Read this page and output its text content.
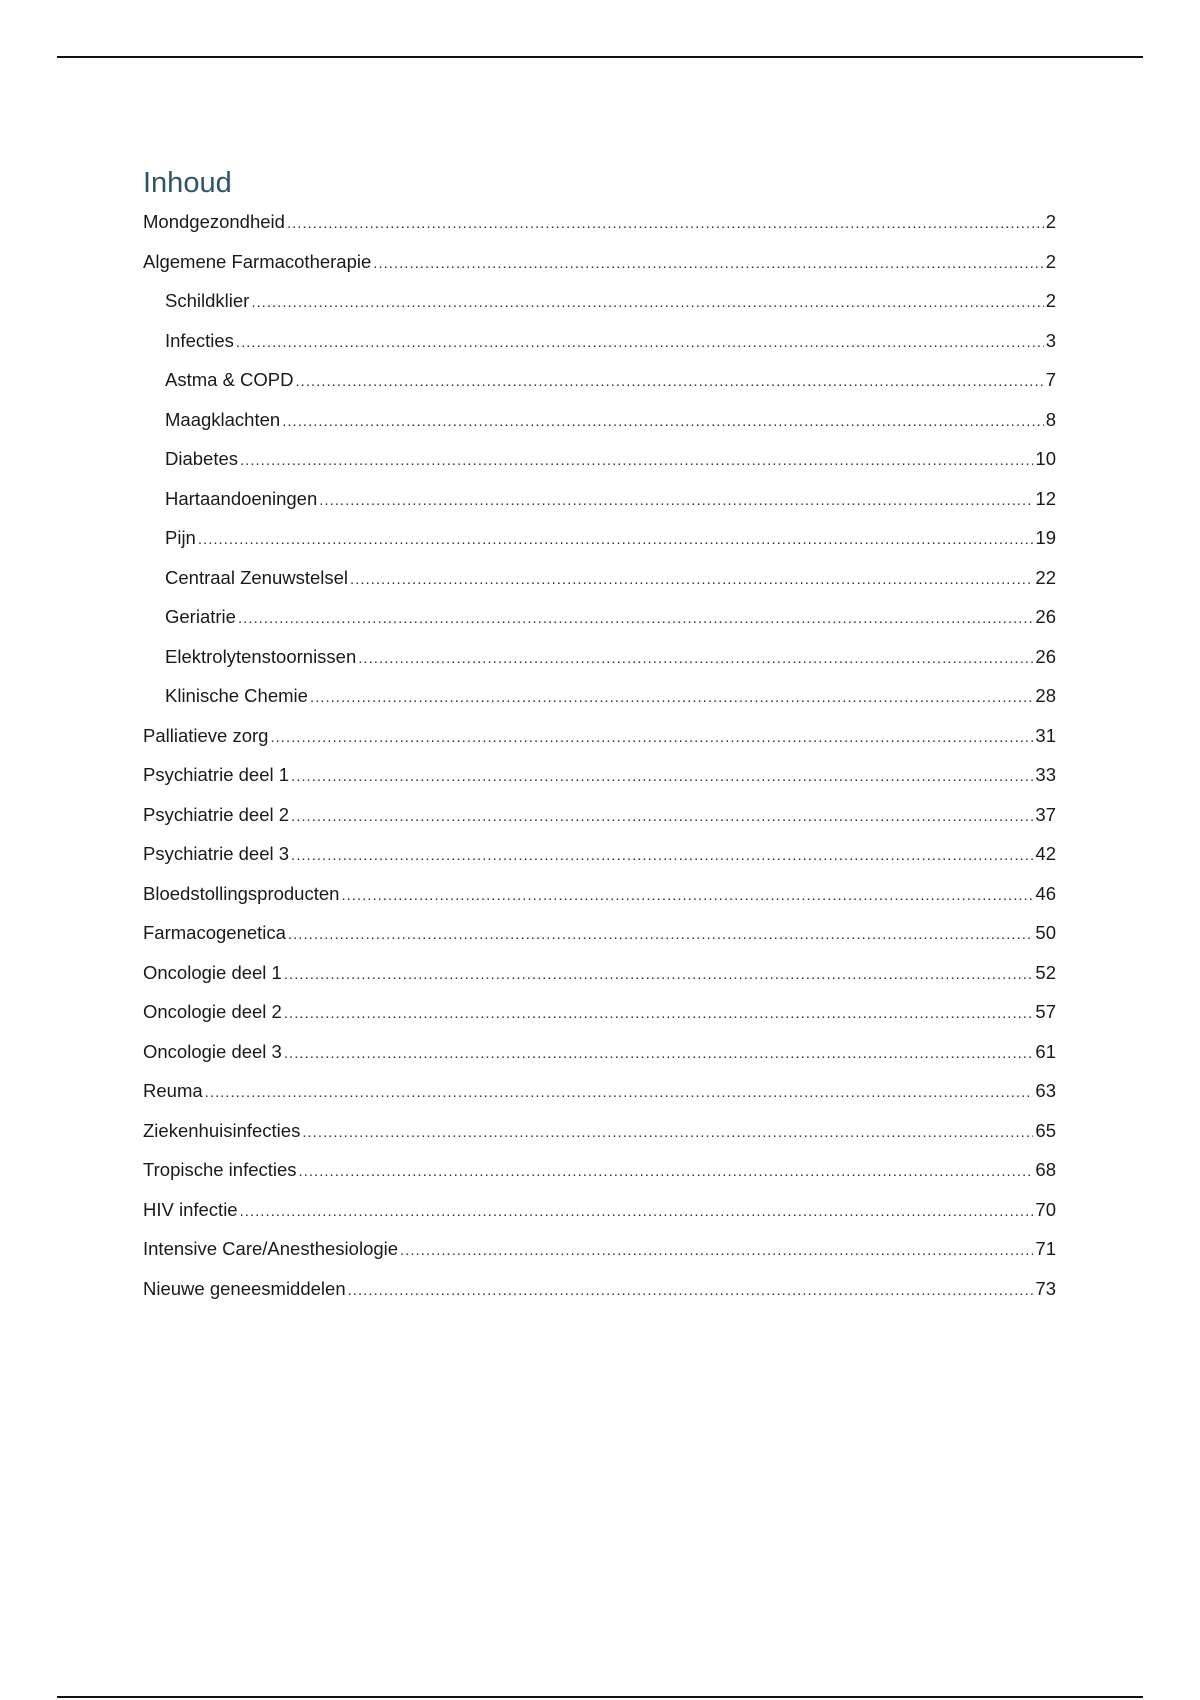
Inhoud
Mondgezondheid .....	2
Algemene Farmacotherapie .....	2
Schildklier .....	2
Infecties .....	3
Astma & COPD .....	7
Maagklachten .....	8
Diabetes .....	10
Hartaandoeningen .....	12
Pijn .....	19
Centraal Zenuwstelsel .....	22
Geriatrie .....	26
Elektrolytenstoornissen .....	26
Klinische Chemie .....	28
Palliatieve zorg .....	31
Psychiatrie deel 1 .....	33
Psychiatrie deel 2 .....	37
Psychiatrie deel 3 .....	42
Bloedstollingsproducten .....	46
Farmacogenetica .....	50
Oncologie deel 1 .....	52
Oncologie deel 2 .....	57
Oncologie deel 3 .....	61
Reuma .....	63
Ziekenhuisinfecties .....	65
Tropische infecties .....	68
HIV infectie .....	70
Intensive Care/Anesthesiologie .....	71
Nieuwe geneesmiddelen .....	73
